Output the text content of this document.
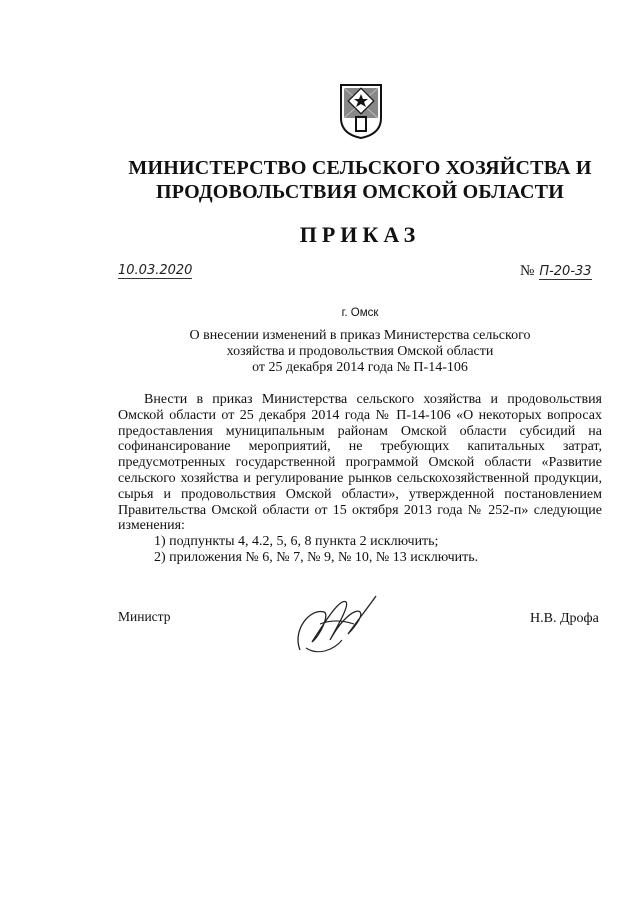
МИНИСТЕРСТВО СЕЛЬСКОГО ХОЗЯЙСТВА И
ПРОДОВОЛЬСТВИЯ ОМСКОЙ ОБЛАСТИ
ПРИКАЗ
10.03.2020	№ П-20-33
г. Омск
О внесении изменений в приказ Министерства сельского
хозяйства и продовольствия Омской области
от 25 декабря 2014 года № П-14-106

Внести в приказ Министерства сельского хозяйства и продовольствия Омской области от 25 декабря 2014 года № П-14-106 «О некоторых вопросах предоставления муниципальным районам Омской области субсидий на софинансирование мероприятий, не требующих капитальных затрат, предусмотренных государственной программой Омской области «Развитие сельского хозяйства и регулирование рынков сельскохозяйственной продукции, сырья и продовольствия Омской области», утвержденной постановлением Правительства Омской области от 15 октября 2013 года № 252-п» следующие изменения:

1) подпункты 4, 4.2, 5, 6, 8 пункта 2 исключить;
2) приложения № 6, № 7, № 9, № 10, № 13 исключить.
Министр	Н.В. Дрофа
